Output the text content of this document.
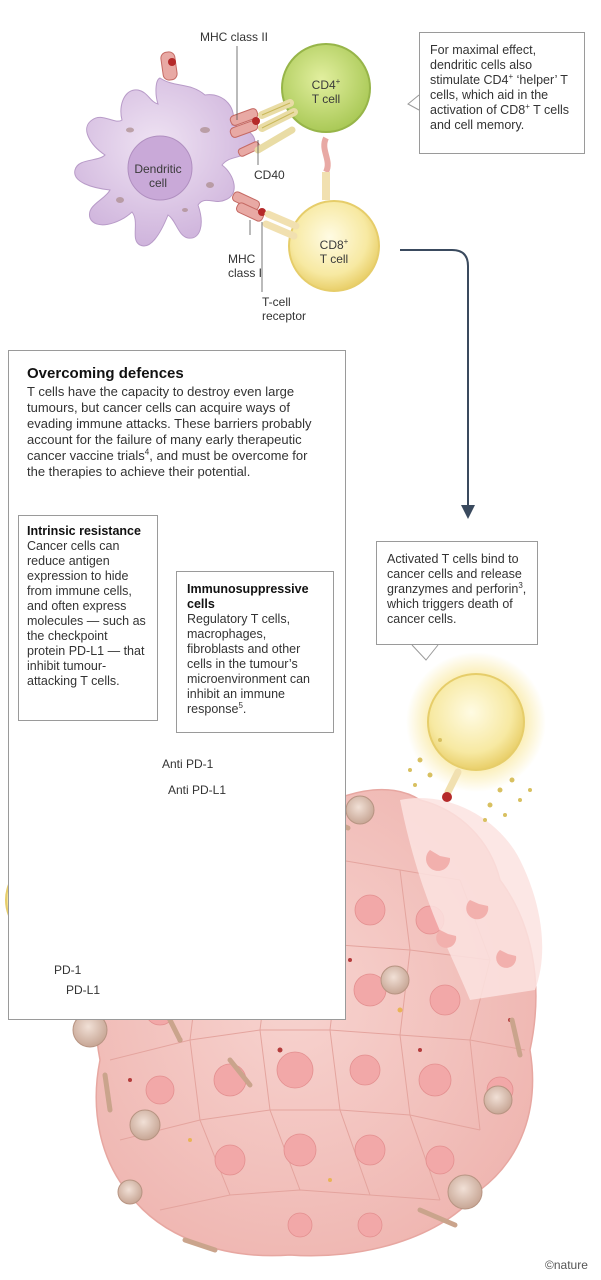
MHC class II
CD40
MHC
class I
T-cell
receptor
Dendritic
cell
CD4+
T cell
CD8+
T cell
For maximal effect, dendritic cells also stimulate CD4+ ‘helper’ T cells, which aid in the activation of CD8+ T cells and cell memory.
Overcoming defences
T cells have the capacity to destroy even large tumours, but cancer cells can acquire ways of evading immune attacks. These barriers probably account for the failure of many early therapeutic cancer vaccine trials$^4$, and must be overcome for the therapies to achieve their potential.
Intrinsic resistance
Cancer cells can reduce antigen expression to hide from immune cells, and often express molecules — such as the checkpoint protein PD-L1 — that inhibit tumour-attacking T cells.
Immunosuppressive
cells
Regulatory T cells, macrophages, fibroblasts and other cells in the tumour’s microenvironment can inhibit an immune response$^5$.
Activated T cells bind to cancer cells and release granzymes and perforin$^3$, which triggers death of cancer cells.
Anti PD-1
Anti PD-L1
PD-1
PD-L1
©nature
